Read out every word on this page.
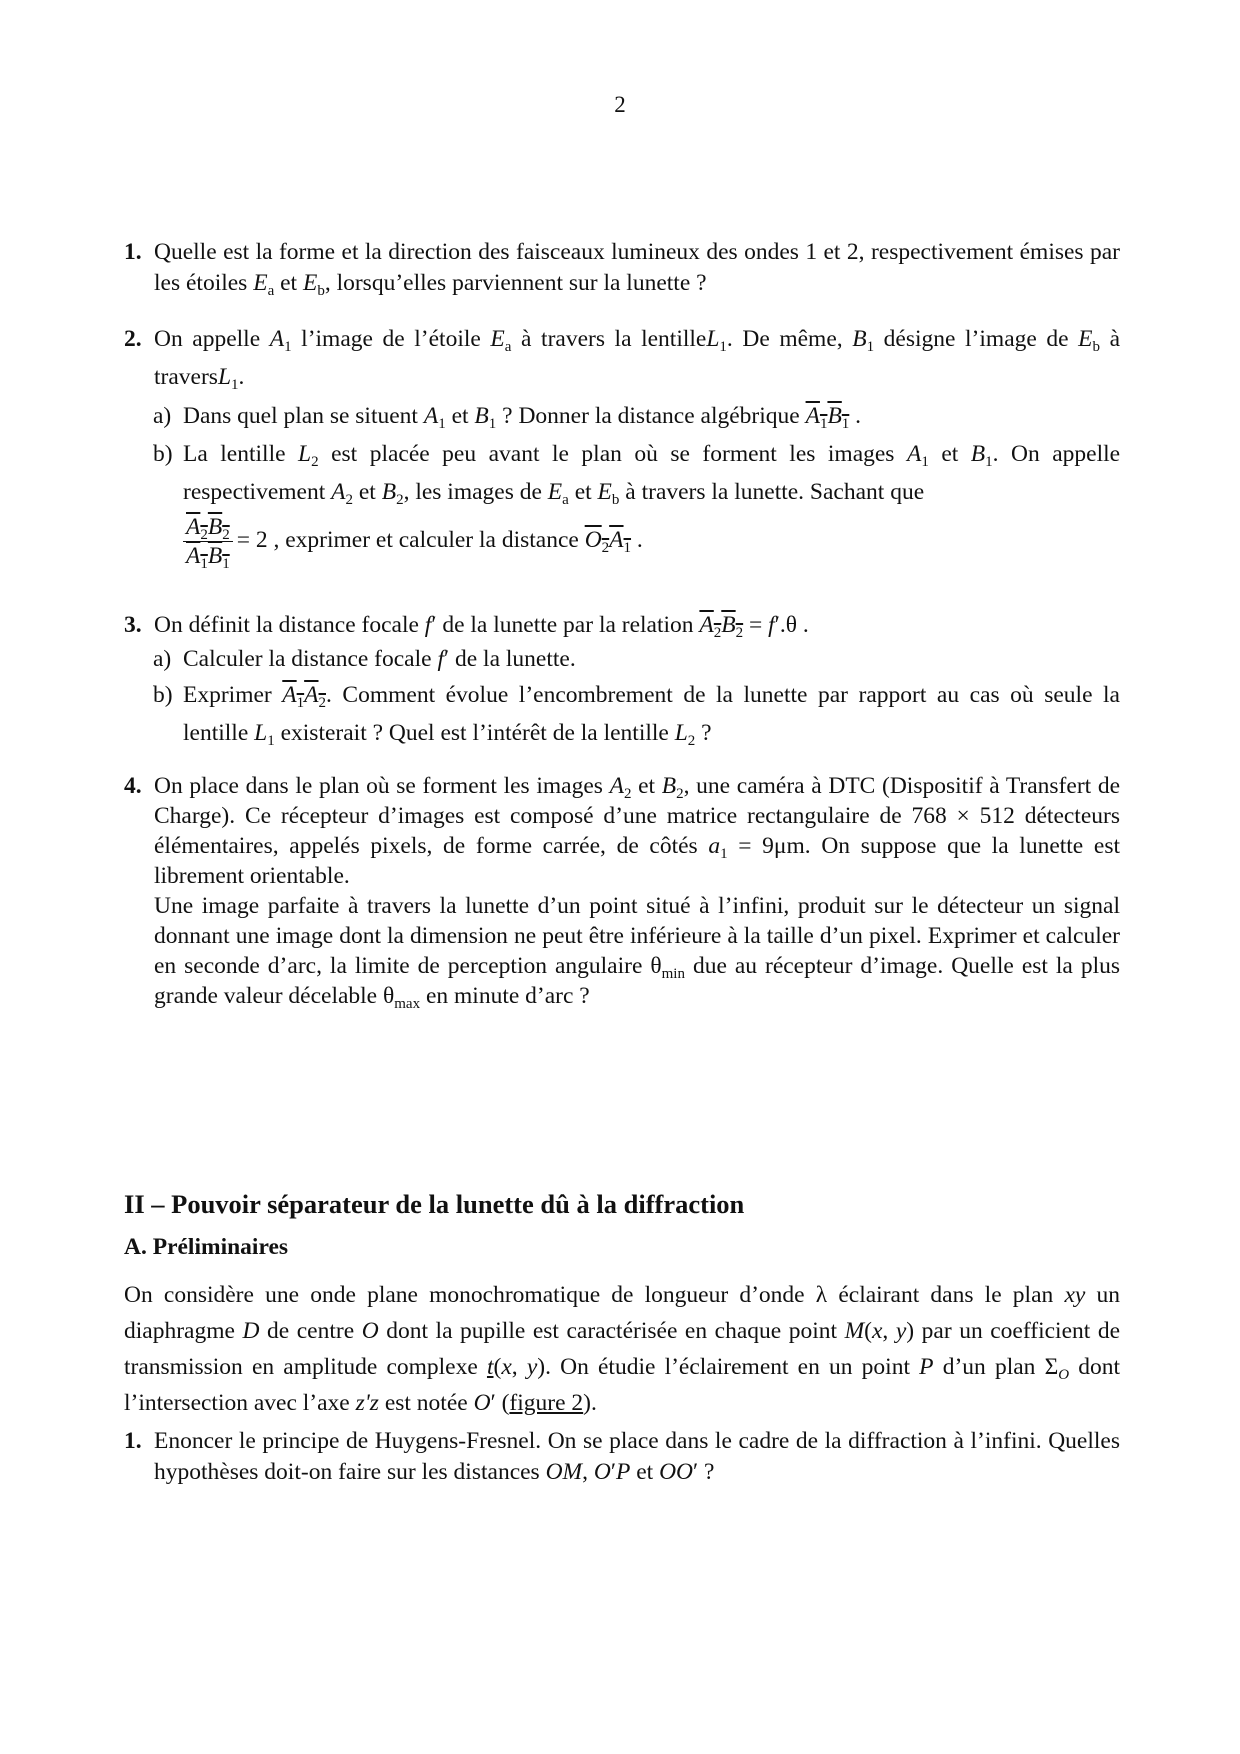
2
1. Quelle est la forme et la direction des faisceaux lumineux des ondes 1 et 2, respectivement émises par les étoiles $E_a$ et $E_b$, lorsqu’elles parviennent sur la lunette ?
2. On appelle $A_1$ l’image de l’étoile $E_a$ à travers la lentilleL$_1$. De même, $B_1$ désigne l’image de $E_b$ à traversL$_1$.
a) Dans quel plan se situent $A_1$ et $B_1$ ? Donner la distance algébrique $A_1B_1$ .
b) La lentille $L_2$ est placée peu avant le plan où se forment les images $A_1$ et $B_1$. On appelle respectivement $A_2$ et $B_2$, les images de $E_a$ et $E_b$ à travers la lunette. Sachant que
$\frac{A_2B_2}{A_1B_1} = 2$ , exprimer et calculer la distance $O_2A_1$ .
3. On définit la distance focale f′ de la lunette par la relation $A_2B_2 = f'.\theta$ .
a) Calculer la distance focale f′ de la lunette.
b) Exprimer $A_1A_2$. Comment évolue l’encombrement de la lunette par rapport au cas où seule la lentille $L_1$ existerait ? Quel est l’intérêt de la lentille $L_2$ ?
4. On place dans le plan où se forment les images $A_2$ et $B_2$, une caméra à DTC (Dispositif à Transfert de Charge). Ce récepteur d’images est composé d’une matrice rectangulaire de 768 × 512 détecteurs élémentaires, appelés pixels, de forme carrée, de côtés $a_1 = 9\mu m$. On suppose que la lunette est librement orientable.
Une image parfaite à travers la lunette d’un point situé à l’infini, produit sur le détecteur un signal donnant une image dont la dimension ne peut être inférieure à la taille d’un pixel. Exprimer et calculer en seconde d’arc, la limite de perception angulaire $\theta_{min}$ due au récepteur d’image. Quelle est la plus grande valeur décelable $\theta_{max}$ en minute d’arc ?
II – Pouvoir séparateur de la lunette dû à la diffraction
A. Préliminaires
On considère une onde plane monochromatique de longueur d’onde λ éclairant dans le plan xy un diaphragme D de centre O dont la pupille est caractérisée en chaque point M(x, y) par un coefficient de transmission en amplitude complexe t(x, y). On étudie l’éclairement en un point P d’un plan $\Sigma_O$ dont l’intersection avec l’axe z'z est notée O′ (figure 2).
1. Enoncer le principe de Huygens-Fresnel. On se place dans le cadre de la diffraction à l’infini. Quelles hypothèses doit-on faire sur les distances OM, O′P et OO′ ?
